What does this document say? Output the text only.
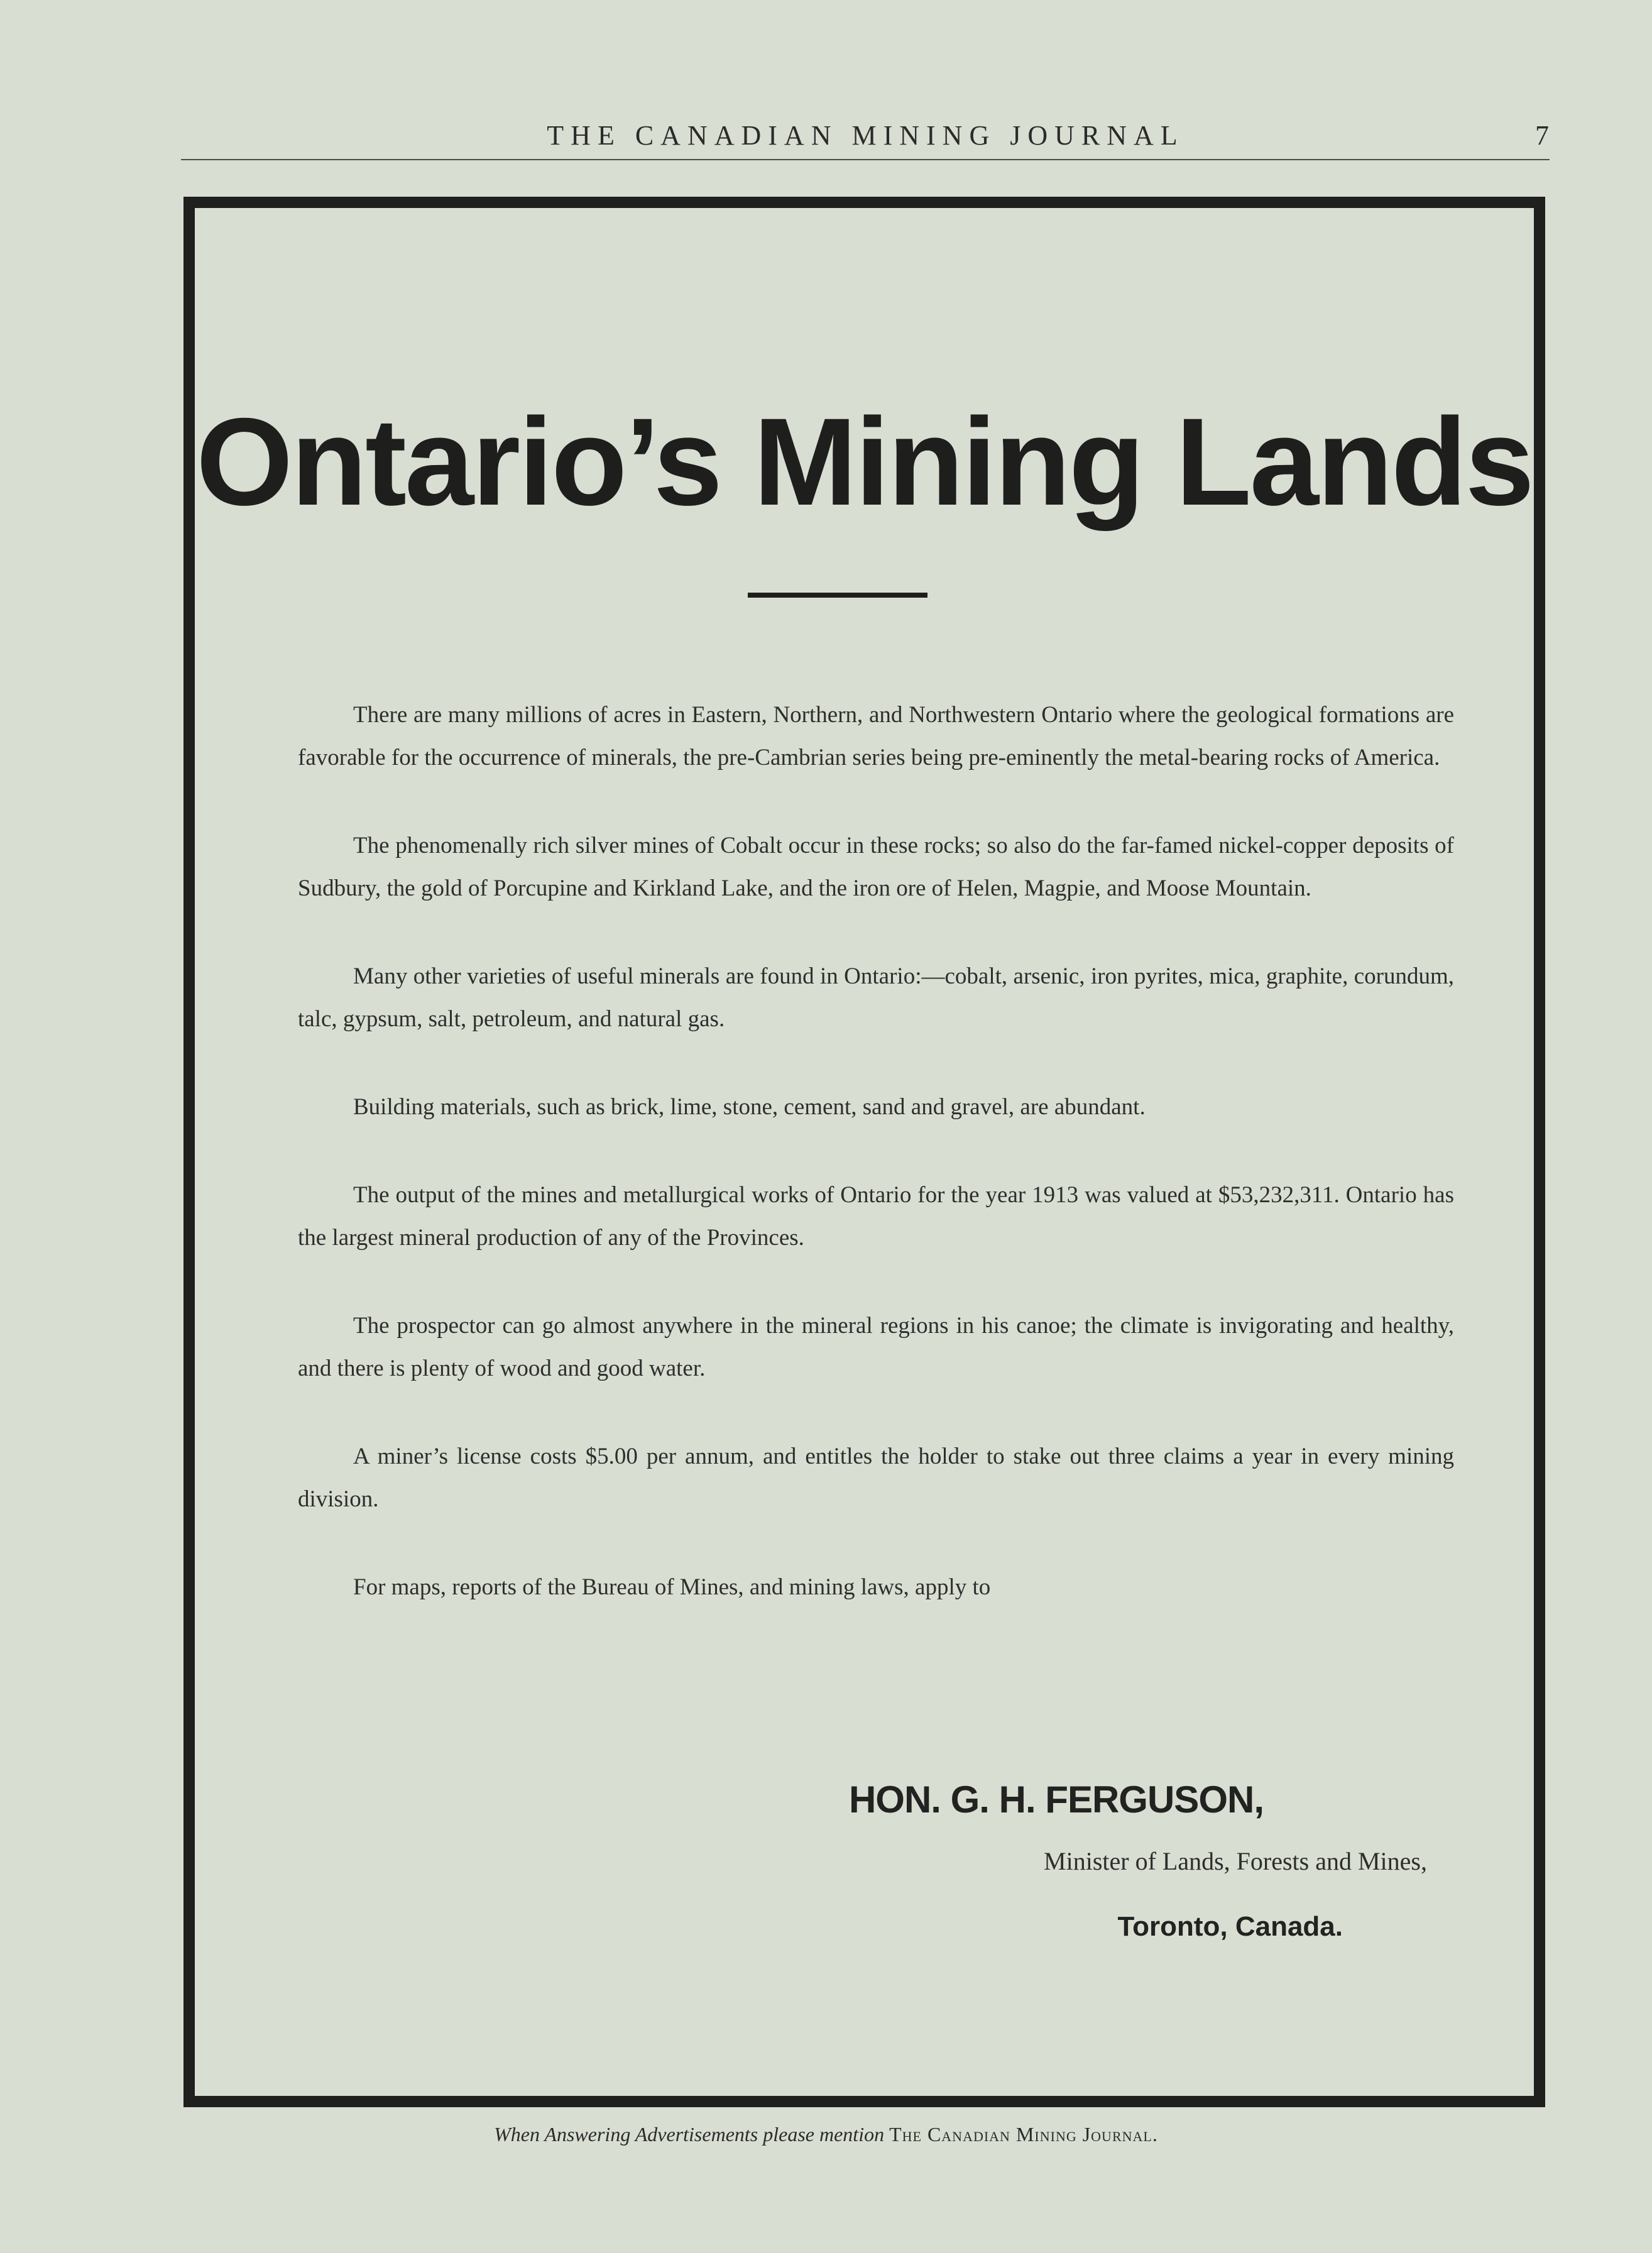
THE CANADIAN MINING JOURNAL	7
Ontario’s Mining Lands

There are many millions of acres in Eastern, Northern, and Northwestern Ontario where the geological formations are favorable for the occurrence of minerals, the pre-Cambrian series being pre-eminently the metal-bearing rocks of America.

The phenomenally rich silver mines of Cobalt occur in these rocks; so also do the far-famed nickel-copper deposits of Sudbury, the gold of Porcupine and Kirkland Lake, and the iron ore of Helen, Magpie, and Moose Mountain.

Many other varieties of useful minerals are found in Ontario:—cobalt, arsenic, iron pyrites, mica, graphite, corundum, talc, gypsum, salt, petroleum, and natural gas.

Building materials, such as brick, lime, stone, cement, sand and gravel, are abundant.

The output of the mines and metallurgical works of Ontario for the year 1913 was valued at $53,232,311. Ontario has the largest mineral production of any of the Provinces.

The prospector can go almost anywhere in the mineral regions in his canoe; the climate is invigorating and healthy, and there is plenty of wood and good water.

A miner’s license costs $5.00 per annum, and entitles the holder to stake out three claims a year in every mining division.

For maps, reports of the Bureau of Mines, and mining laws, apply to

HON. G. H. FERGUSON,
Minister of Lands, Forests and Mines,
Toronto, Canada.
When Answering Advertisements please mention The Canadian Mining Journal.
